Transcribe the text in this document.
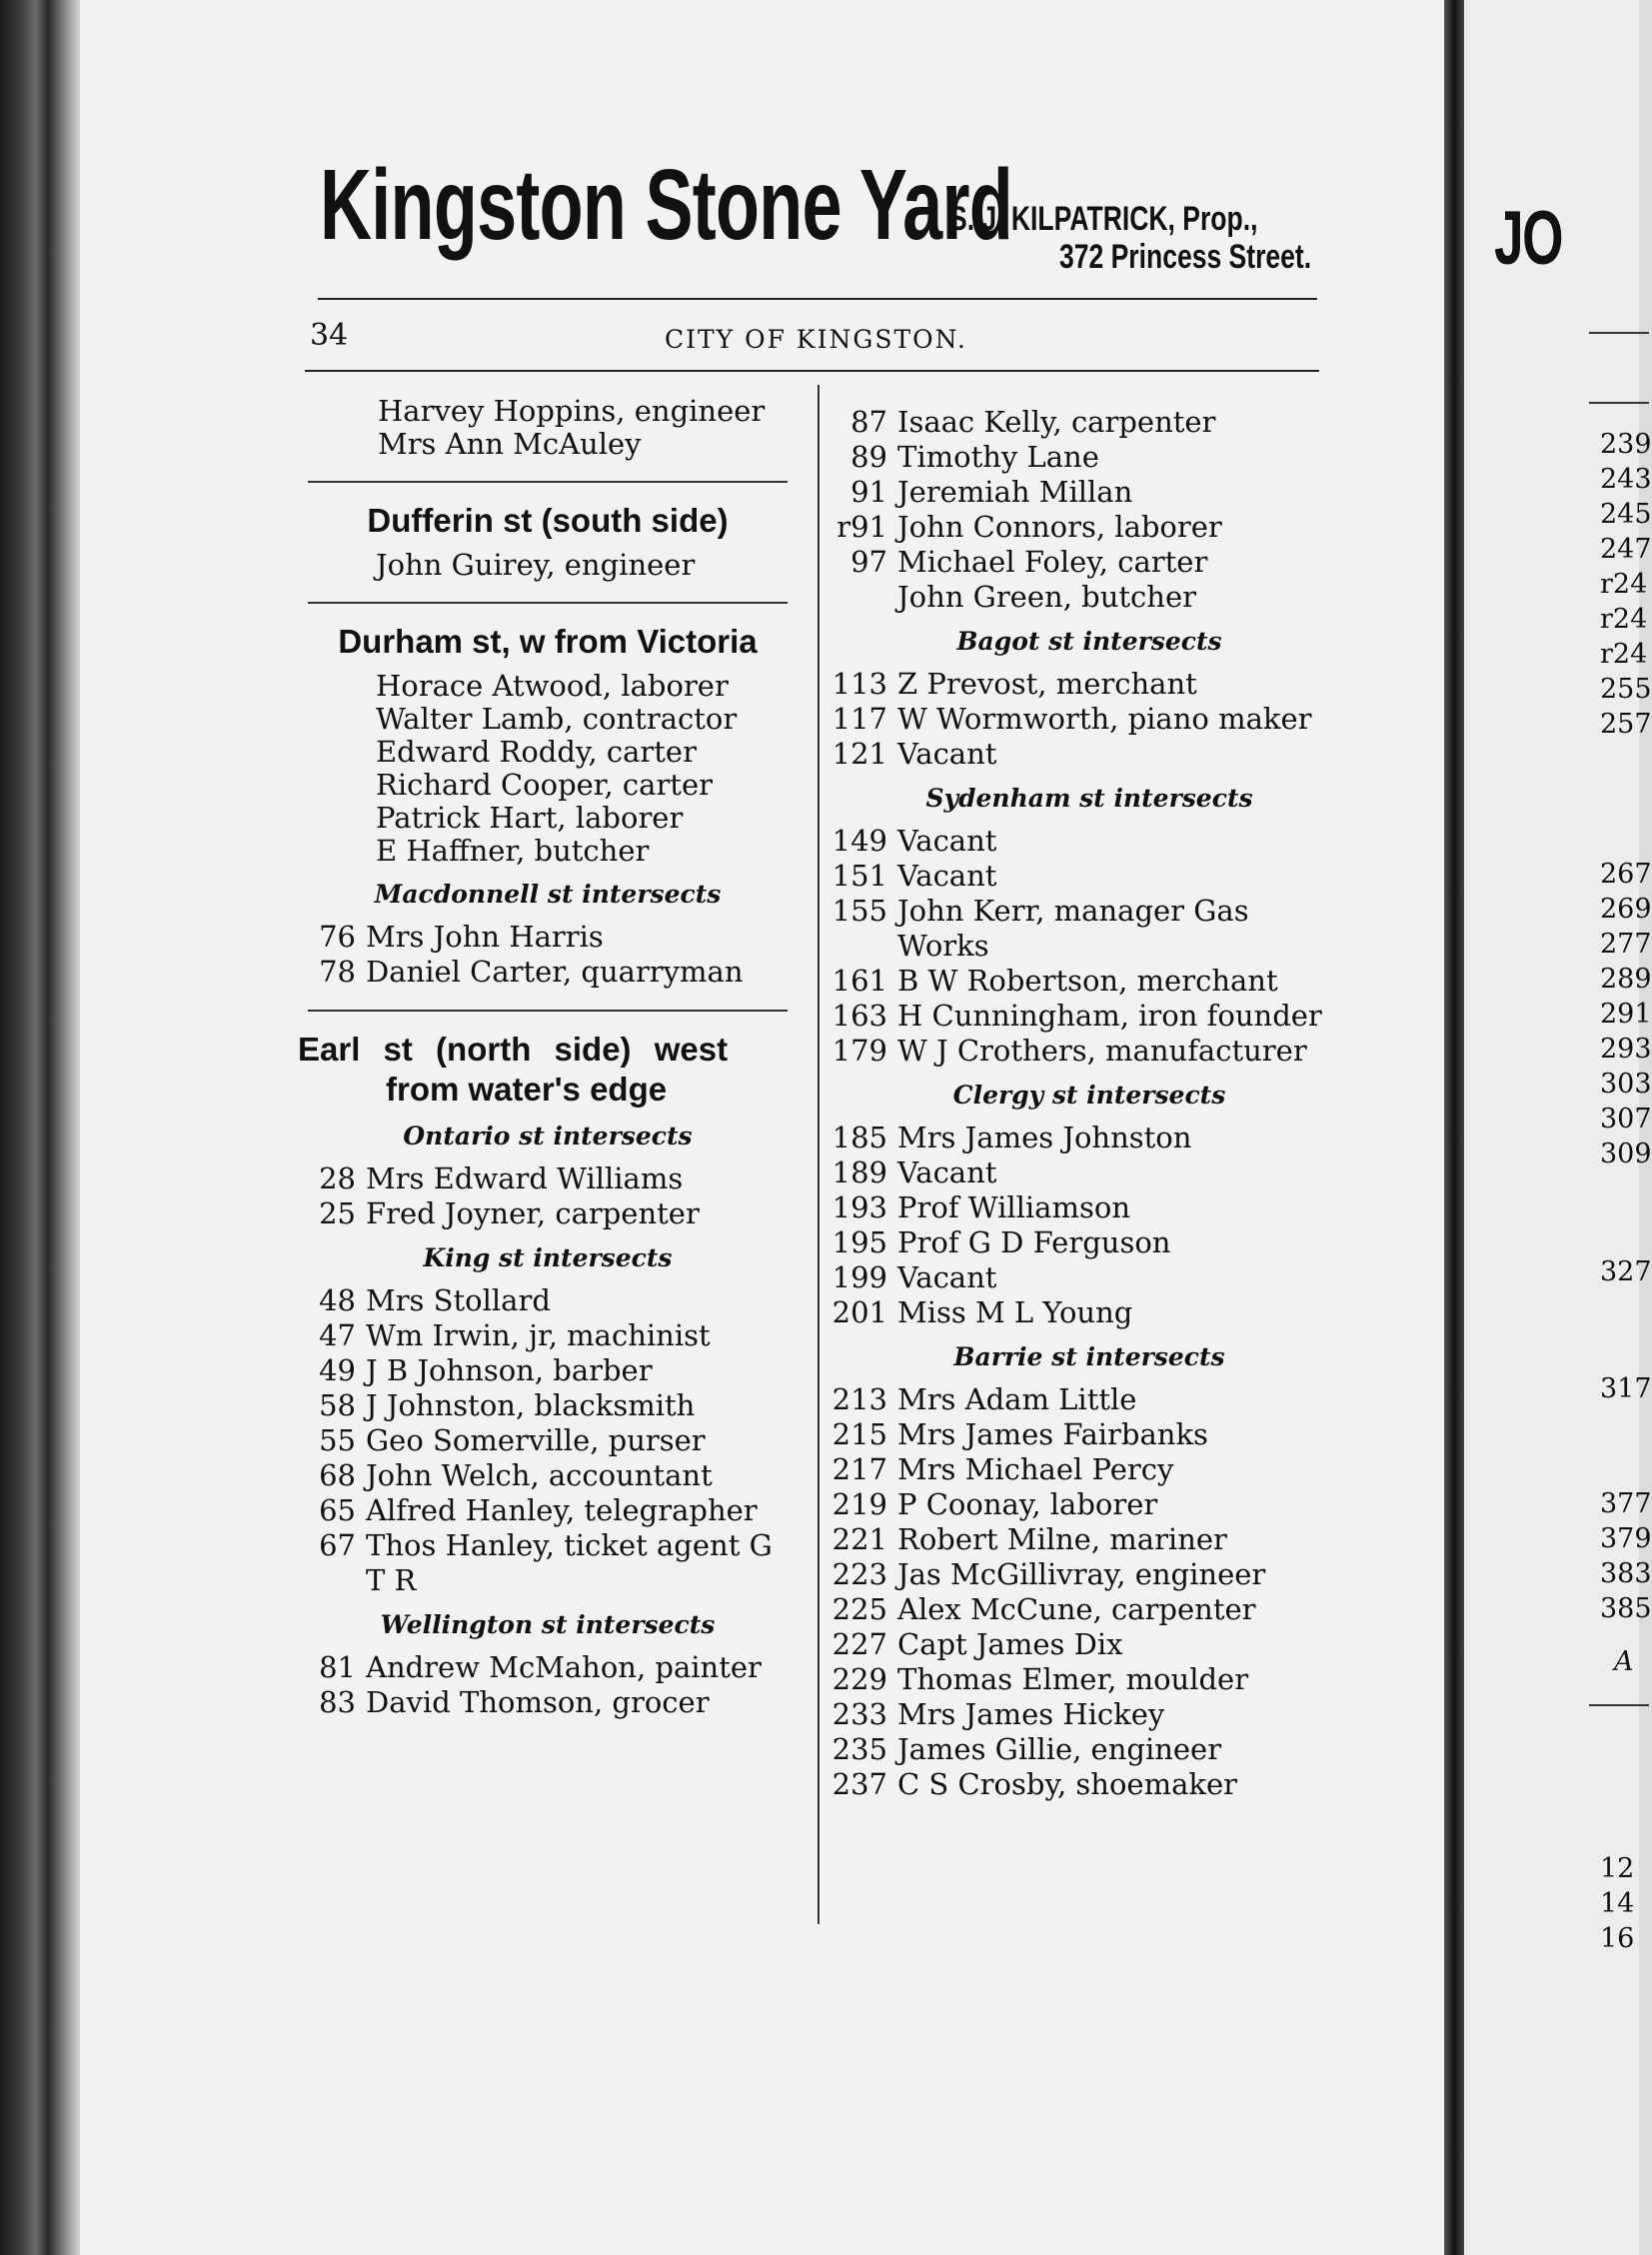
Kingston Stone Yard
S. J. KILPATRICK, Prop.,
372 Princess Street.
34	CITY OF KINGSTON.
Harvey Hoppins, engineer
Mrs Ann McAuley
Dufferin st (south side)
John Guirey, engineer
Durham st, w from Victoria
Horace Atwood, laborer
Walter Lamb, contractor
Edward Roddy, carter
Richard Cooper, carter
Patrick Hart, laborer
E Haffner, butcher
Macdonnell st intersects
76 Mrs John Harris
78 Daniel Carter, quarryman
Earl st (north side) west
from water's edge
Ontario st intersects
28 Mrs Edward Williams
25 Fred Joyner, carpenter
King st intersects
48 Mrs Stollard
47 Wm Irwin, jr, machinist
49 J B Johnson, barber
58 J Johnston, blacksmith
55 Geo Somerville, purser
68 John Welch, accountant
65 Alfred Hanley, telegrapher
67 Thos Hanley, ticket agent G T R
Wellington st intersects
81 Andrew McMahon, painter
83 David Thomson, grocer
87 Isaac Kelly, carpenter
89 Timothy Lane
91 Jeremiah Millan
r91 John Connors, laborer
97 Michael Foley, carter
John Green, butcher
Bagot st intersects
113 Z Prevost, merchant
117 W Wormworth, piano maker
121 Vacant
Sydenham st intersects
149 Vacant
151 Vacant
155 John Kerr, manager Gas Works
161 B W Robertson, merchant
163 H Cunningham, iron founder
179 W J Crothers, manufacturer
Clergy st intersects
185 Mrs James Johnston
189 Vacant
193 Prof Williamson
195 Prof G D Ferguson
199 Vacant
201 Miss M L Young
Barrie st intersects
213 Mrs Adam Little
215 Mrs James Fairbanks
217 Mrs Michael Percy
219 P Coonay, laborer
221 Robert Milne, mariner
223 Jas McGillivray, engineer
225 Alex McCune, carpenter
227 Capt James Dix
229 Thomas Elmer, moulder
233 Mrs James Hickey
235 James Gillie, engineer
237 C S Crosby, shoemaker
JO
239
243
245
247
r24
r24
r24
255
257
267
269
277
289
291
293
303
307
309
327
317
377
379
383
385
A
12
14
16
